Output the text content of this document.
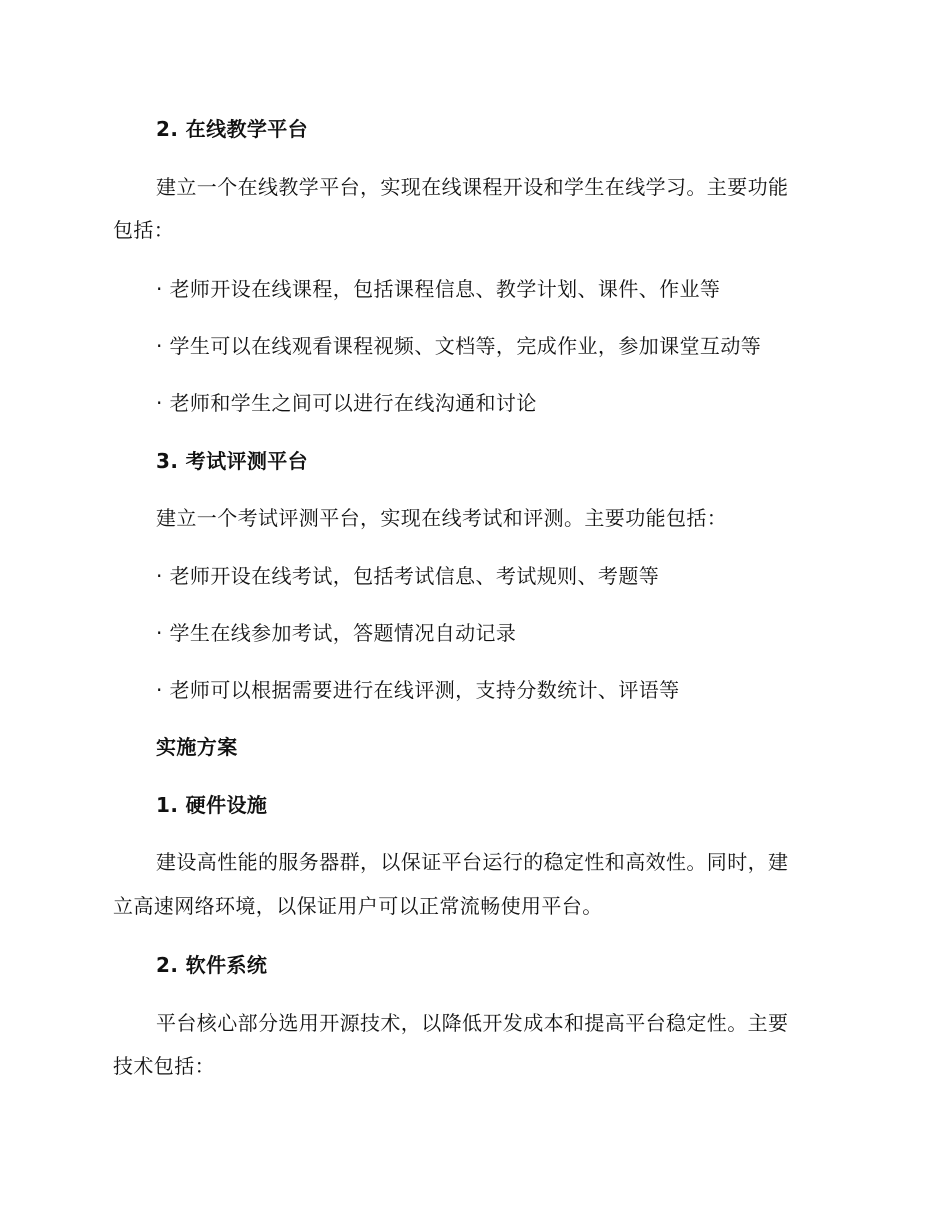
2. 在线教学平台
建立一个在线教学平台，实现在线课程开设和学生在线学习。主要功能
包括：
· 老师开设在线课程，包括课程信息、教学计划、课件、作业等
· 学生可以在线观看课程视频、文档等，完成作业，参加课堂互动等
· 老师和学生之间可以进行在线沟通和讨论
3. 考试评测平台
建立一个考试评测平台，实现在线考试和评测。主要功能包括：
· 老师开设在线考试，包括考试信息、考试规则、考题等
· 学生在线参加考试，答题情况自动记录
· 老师可以根据需要进行在线评测，支持分数统计、评语等
实施方案
1. 硬件设施
建设高性能的服务器群，以保证平台运行的稳定性和高效性。同时，建
立高速网络环境，以保证用户可以正常流畅使用平台。
2. 软件系统
平台核心部分选用开源技术，以降低开发成本和提高平台稳定性。主要
技术包括：
